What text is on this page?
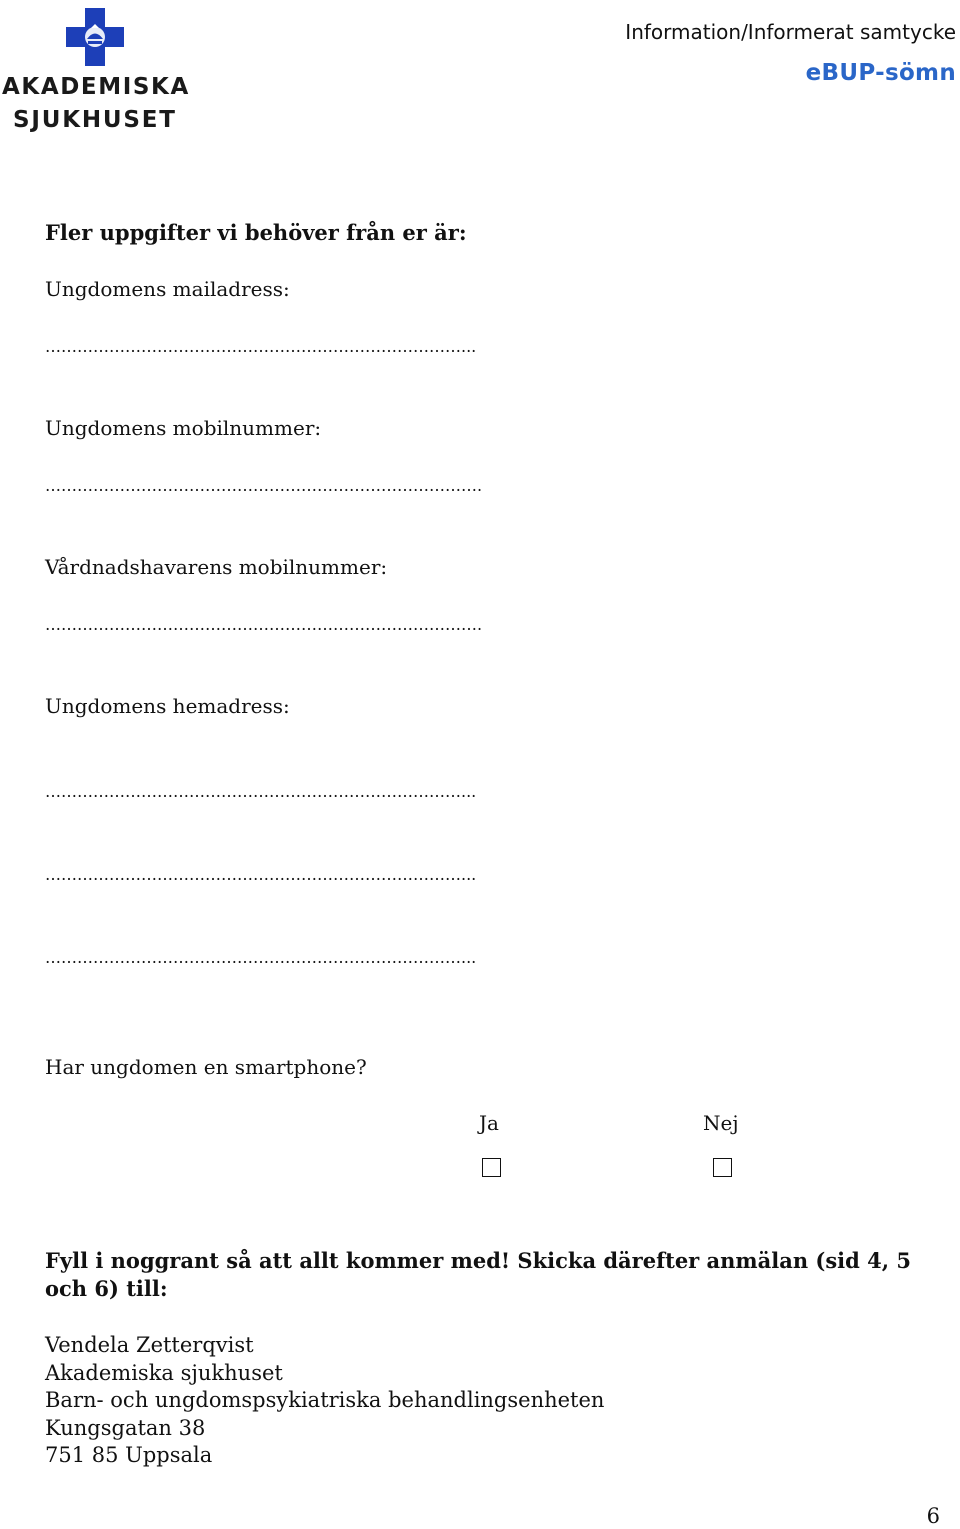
AKADEMISKA
SJUKHUSET
Information/Informerat samtycke
eBUP-sömn
Fler uppgifter vi behöver från er är:
Ungdomens mailadress:
……………………………………………………………………...
Ungdomens mobilnummer:
……………………………………………………………………….
Vårdnadshavarens mobilnummer:
……………………………………………………………………….
Ungdomens hemadress:
……………………………………………………………………...
……………………………………………………………………...
……………………………………………………………………...
Har ungdomen en smartphone?
Ja	Nej
Fyll i noggrant så att allt kommer med! Skicka därefter anmälan (sid 4, 5 och 6) till:
Vendela Zetterqvist
Akademiska sjukhuset
Barn- och ungdomspsykiatriska behandlingsenheten
Kungsgatan 38
751 85 Uppsala
6
